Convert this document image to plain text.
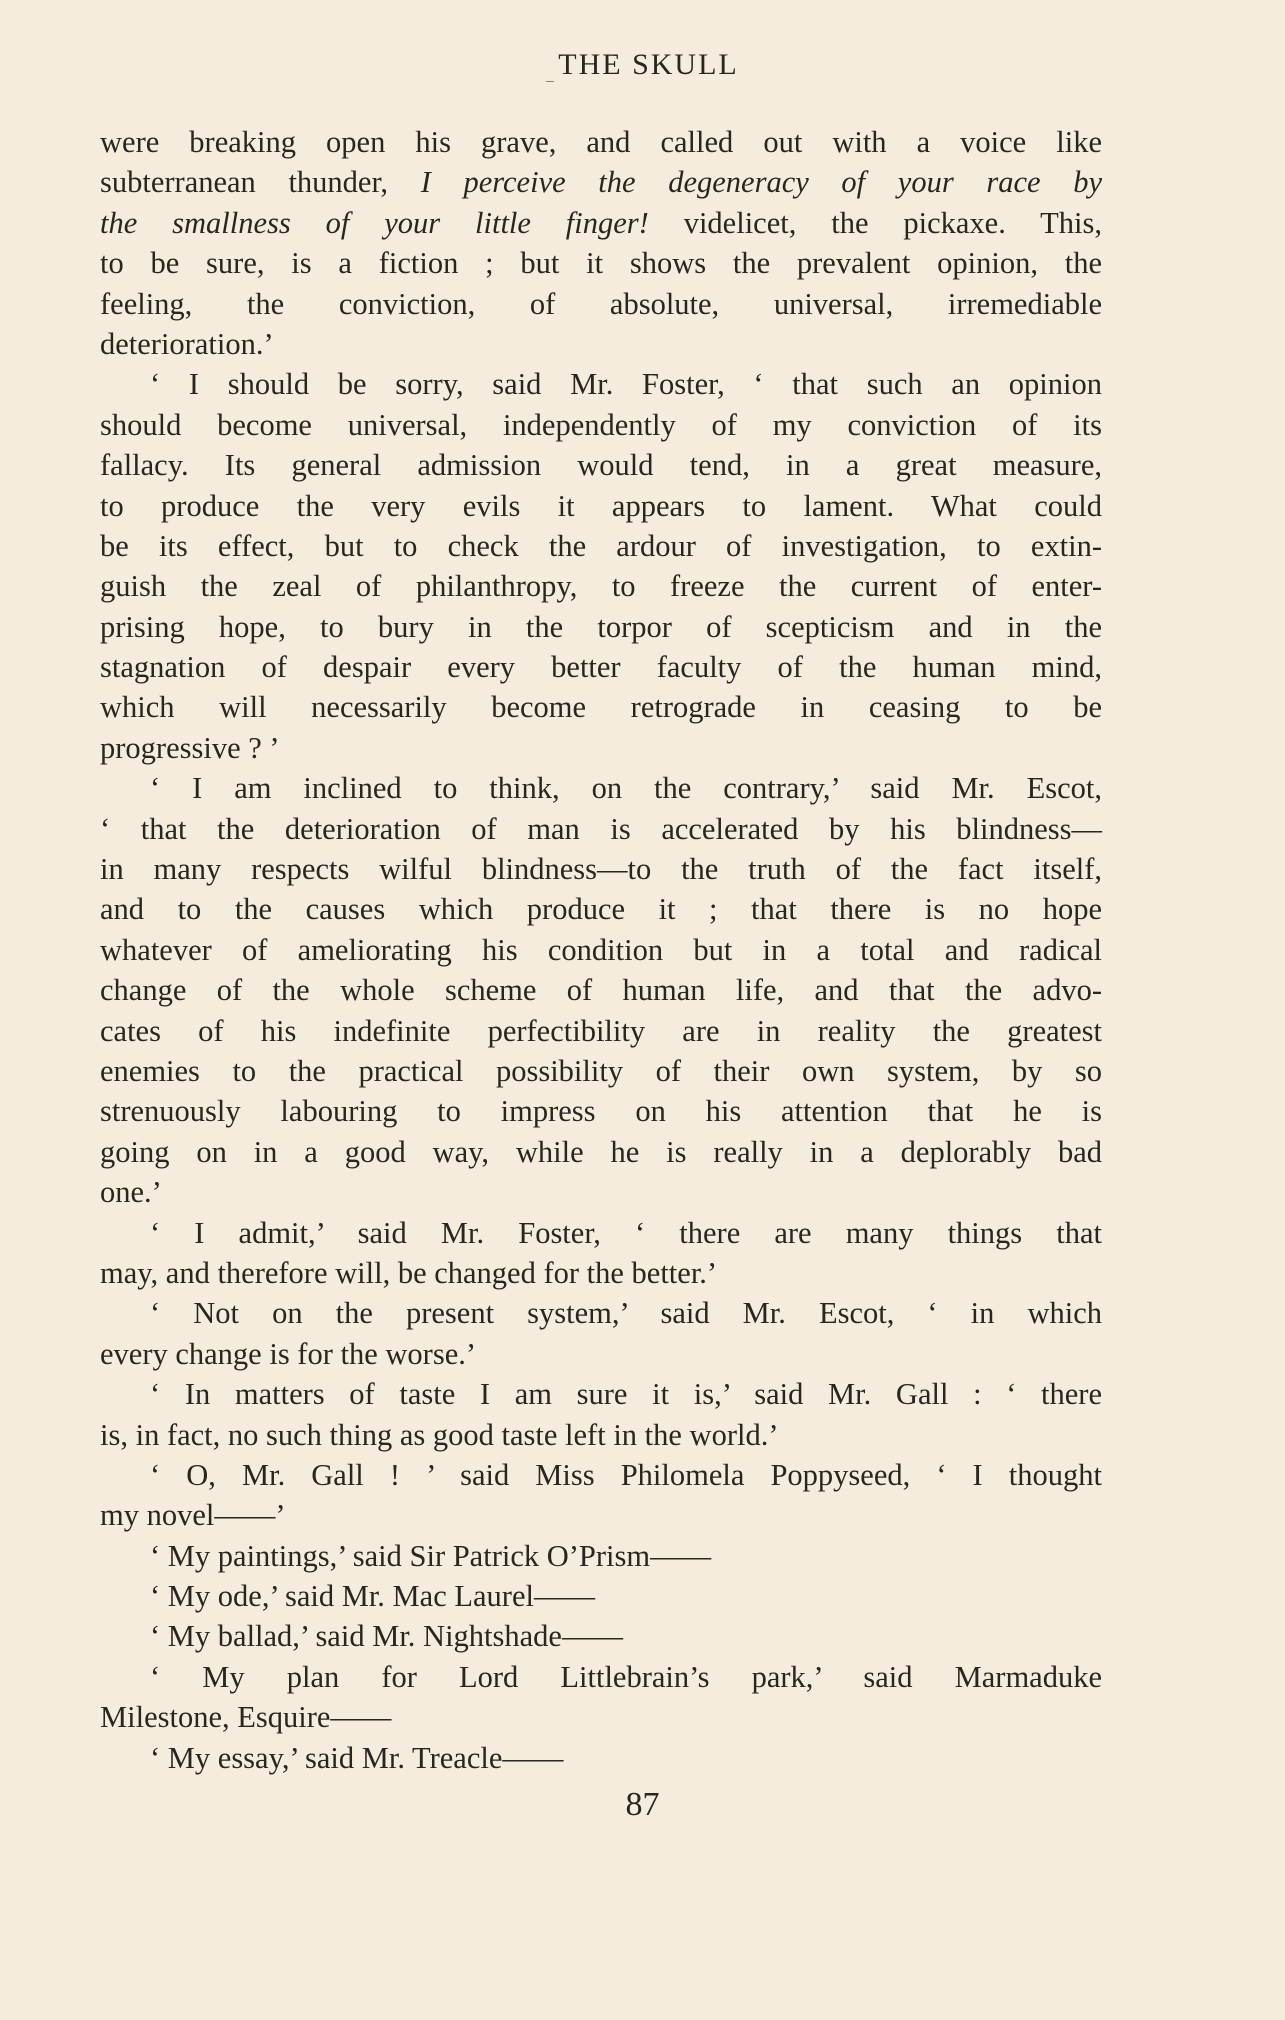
THE SKULL
were breaking open his grave, and called out with a voice like
subterranean thunder, I perceive the degeneracy of your race by
the smallness of your little finger! videlicet, the pickaxe. This,
to be sure, is a fiction ; but it shows the prevalent opinion, the
feeling, the conviction, of absolute, universal, irremediable
deterioration.’
‘ I should be sorry, said Mr. Foster, ‘ that such an opinion
should become universal, independently of my conviction of its
fallacy. Its general admission would tend, in a great measure,
to produce the very evils it appears to lament. What could
be its effect, but to check the ardour of investigation, to extin-
guish the zeal of philanthropy, to freeze the current of enter-
prising hope, to bury in the torpor of scepticism and in the
stagnation of despair every better faculty of the human mind,
which will necessarily become retrograde in ceasing to be
progressive ? ’
‘ I am inclined to think, on the contrary,’ said Mr. Escot,
‘ that the deterioration of man is accelerated by his blindness—
in many respects wilful blindness—to the truth of the fact itself,
and to the causes which produce it ; that there is no hope
whatever of ameliorating his condition but in a total and radical
change of the whole scheme of human life, and that the advo-
cates of his indefinite perfectibility are in reality the greatest
enemies to the practical possibility of their own system, by so
strenuously labouring to impress on his attention that he is
going on in a good way, while he is really in a deplorably bad
one.’
‘ I admit,’ said Mr. Foster, ‘ there are many things that
may, and therefore will, be changed for the better.’
‘ Not on the present system,’ said Mr. Escot, ‘ in which
every change is for the worse.’
‘ In matters of taste I am sure it is,’ said Mr. Gall : ‘ there
is, in fact, no such thing as good taste left in the world.’
‘ O, Mr. Gall ! ’ said Miss Philomela Poppyseed, ‘ I thought
my novel——’
‘ My paintings,’ said Sir Patrick O’Prism——
‘ My ode,’ said Mr. Mac Laurel——
‘ My ballad,’ said Mr. Nightshade——
‘ My plan for Lord Littlebrain’s park,’ said Marmaduke
Milestone, Esquire——
‘ My essay,’ said Mr. Treacle——
87
